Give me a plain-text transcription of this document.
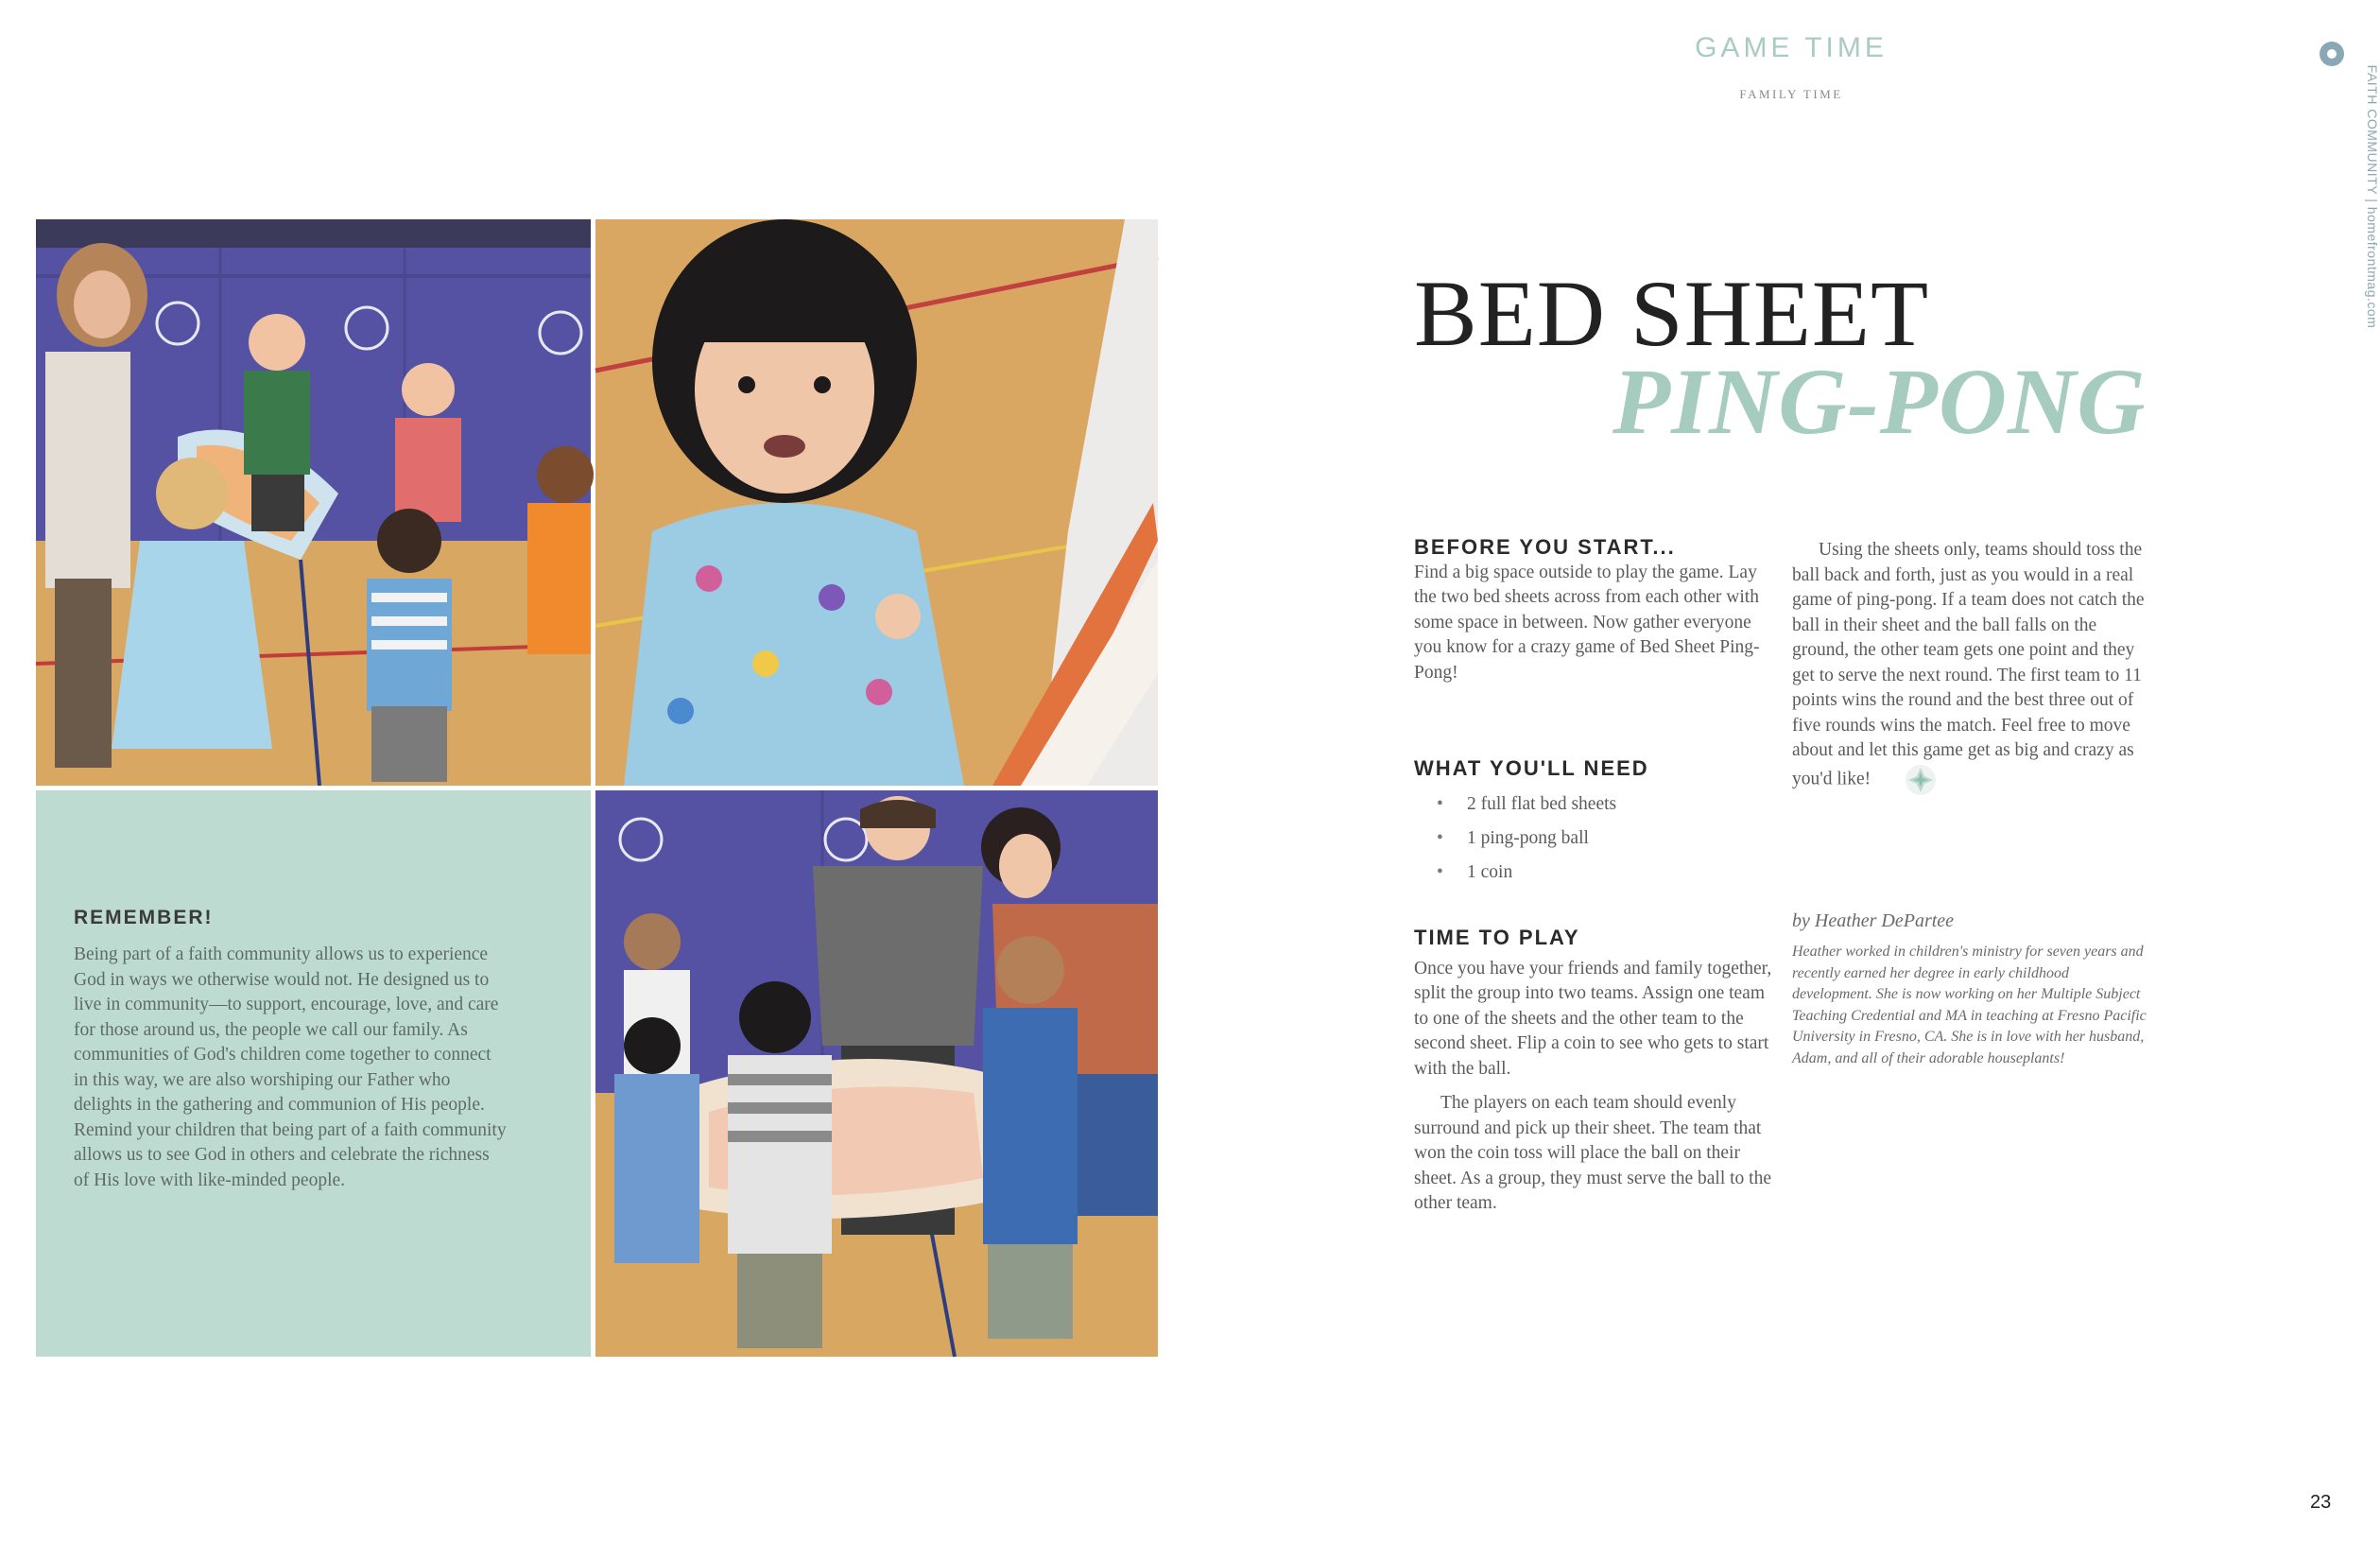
GAME TIME
FAMILY TIME	FAITH COMMUNITY | homefrontmag.com
REMEMBER!

Being part of a faith community allows us to experience God in ways we otherwise would not. He designed us to live in community—to support, encourage, love, and care for those around us, the people we call our family. As communities of God's children come together to connect in this way, we are also worshiping our Father who delights in the gathering and communion of His people. Remind your children that being part of a faith community allows us to see God in others and celebrate the richness of His love with like-minded people.

BED SHEET
PING-PONG
BEFORE YOU START...

Find a big space outside to play the game. Lay the two bed sheets across from each other with some space in between. Now gather everyone you know for a crazy game of Bed Sheet Ping-Pong!

WHAT YOU'LL NEED
• 2 full flat bed sheets
• 1 ping-pong ball
• 1 coin
TIME TO PLAY

Once you have your friends and family together, split the group into two teams. Assign one team to one of the sheets and the other team to the second sheet. Flip a coin to see who gets to start with the ball.

The players on each team should evenly surround and pick up their sheet. The team that won the coin toss will place the ball on their sheet. As a group, they must serve the ball to the other team.

Using the sheets only, teams should toss the ball back and forth, just as you would in a real game of ping-pong. If a team does not catch the ball in their sheet and the ball falls on the ground, the other team gets one point and they get to serve the next round. The first team to 11 points wins the round and the best three out of five rounds wins the match. Feel free to move about and let this game get as big and crazy as you'd like!

by Heather DePartee

Heather worked in children's ministry for seven years and recently earned her degree in early childhood development. She is now working on her Multiple Subject Teaching Credential and MA in teaching at Fresno Pacific University in Fresno, CA. She is in love with her husband, Adam, and all of their adorable houseplants!

23
